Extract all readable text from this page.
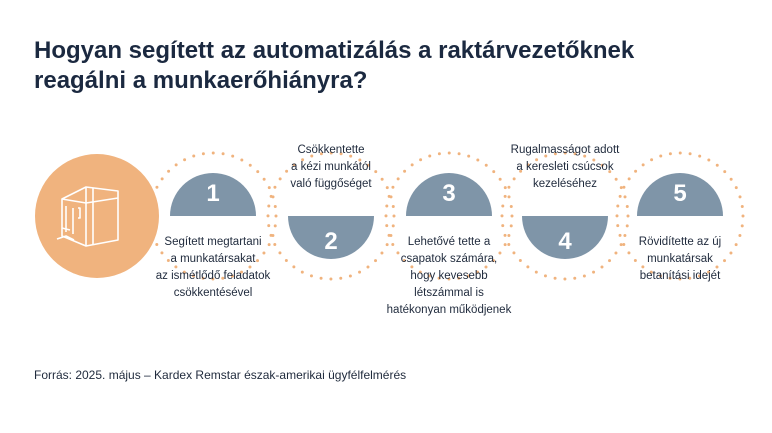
Hogyan segített az automatizálás a raktárvezetőknek
reagálni a munkaerőhiányra?
1
2
3
4
5
Segített megtartani
a munkatársakat
az ismétlődő feladatok
csökkentésével
Csökkentette
a kézi munkától
való függőséget
Lehetővé tette a
csapatok számára,
hogy kevesebb
létszámmal is
hatékonyan működjenek
Rugalmasságot adott
a keresleti csúcsok
kezeléséhez
Rövidítette az új
munkatársak
betanítási idejét
Forrás: 2025. május – Kardex Remstar észak-amerikai ügyfélfelmérés
